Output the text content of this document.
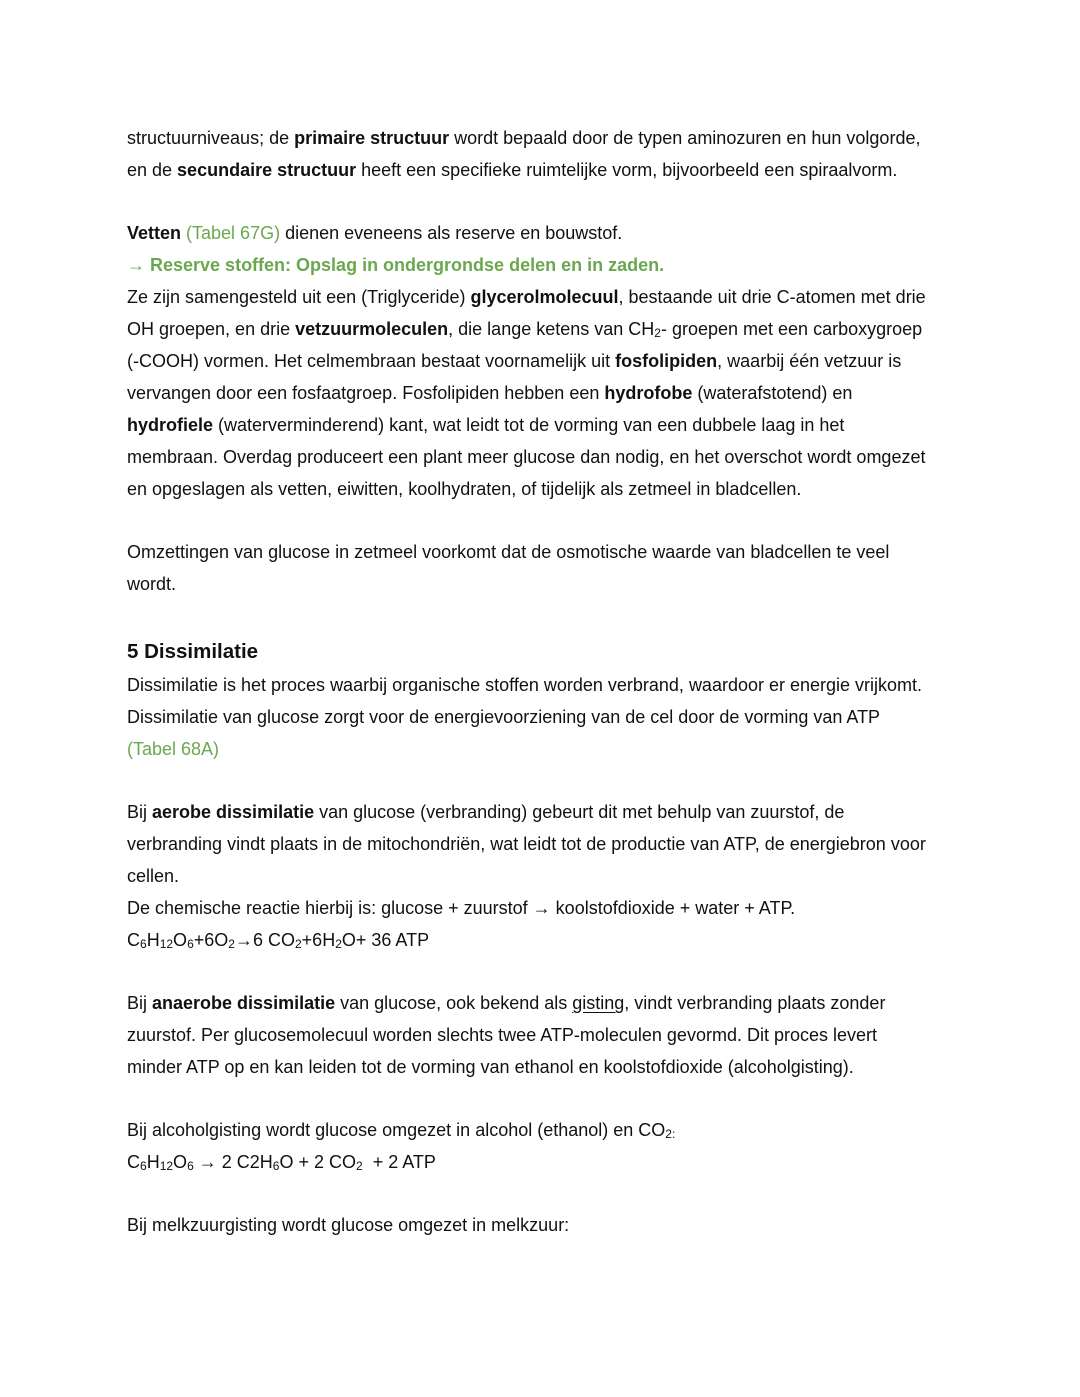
structuurniveaus; de primaire structuur wordt bepaald door de typen aminozuren en hun volgorde,
en de secundaire structuur heeft een specifieke ruimtelijke vorm, bijvoorbeeld een spiraalvorm.
Vetten (Tabel 67G) dienen eveneens als reserve en bouwstof.
→ Reserve stoffen: Opslag in ondergrondse delen en in zaden.
Ze zijn samengesteld uit een (Triglyceride) glycerolmolecuul, bestaande uit drie C-atomen met drie
OH groepen, en drie vetzuurmoleculen, die lange ketens van $CH_2-$ groepen met een carboxygroep
(-COOH) vormen. Het celmembraan bestaat voornamelijk uit fosfolipiden, waarbij één vetzuur is
vervangen door een fosfaatgroep. Fosfolipiden hebben een hydrofobe (waterafstotend) en
hydrofiele (waterverminderend) kant, wat leidt tot de vorming van een dubbele laag in het
membraan. Overdag produceert een plant meer glucose dan nodig, en het overschot wordt omgezet
en opgeslagen als vetten, eiwitten, koolhydraten, of tijdelijk als zetmeel in bladcellen.
Omzettingen van glucose in zetmeel voorkomt dat de osmotische waarde van bladcellen te veel
wordt.
5 Dissimilatie
Dissimilatie is het proces waarbij organische stoffen worden verbrand, waardoor er energie vrijkomt.
Dissimilatie van glucose zorgt voor de energievoorziening van de cel door de vorming van ATP
(Tabel 68A)
Bij aerobe dissimilatie van glucose (verbranding) gebeurt dit met behulp van zuurstof, de
verbranding vindt plaats in de mitochondriën, wat leidt tot de productie van ATP, de energiebron voor
cellen.
De chemische reactie hierbij is: glucose + zuurstof → koolstofdioxide + water + ATP.
$C_6H_{12}O_6+6O_2\to 6$ $CO_2+6H_2O+ 36$ ATP
Bij anaerobe dissimilatie van glucose, ook bekend als gisting, vindt verbranding plaats zonder
zuurstof. Per glucosemolecuul worden slechts twee ATP-moleculen gevormd. Dit proces levert
minder ATP op en kan leiden tot de vorming van ethanol en koolstofdioxide (alcoholgisting).
Bij alcoholgisting wordt glucose omgezet in alcohol (ethanol) en $CO_{2:}$
$C_6H_{12}O_6 \to 2$ $C2H_6O + 2$ $CO_2 + 2$ ATP
Bij melkzuurgisting wordt glucose omgezet in melkzuur:
